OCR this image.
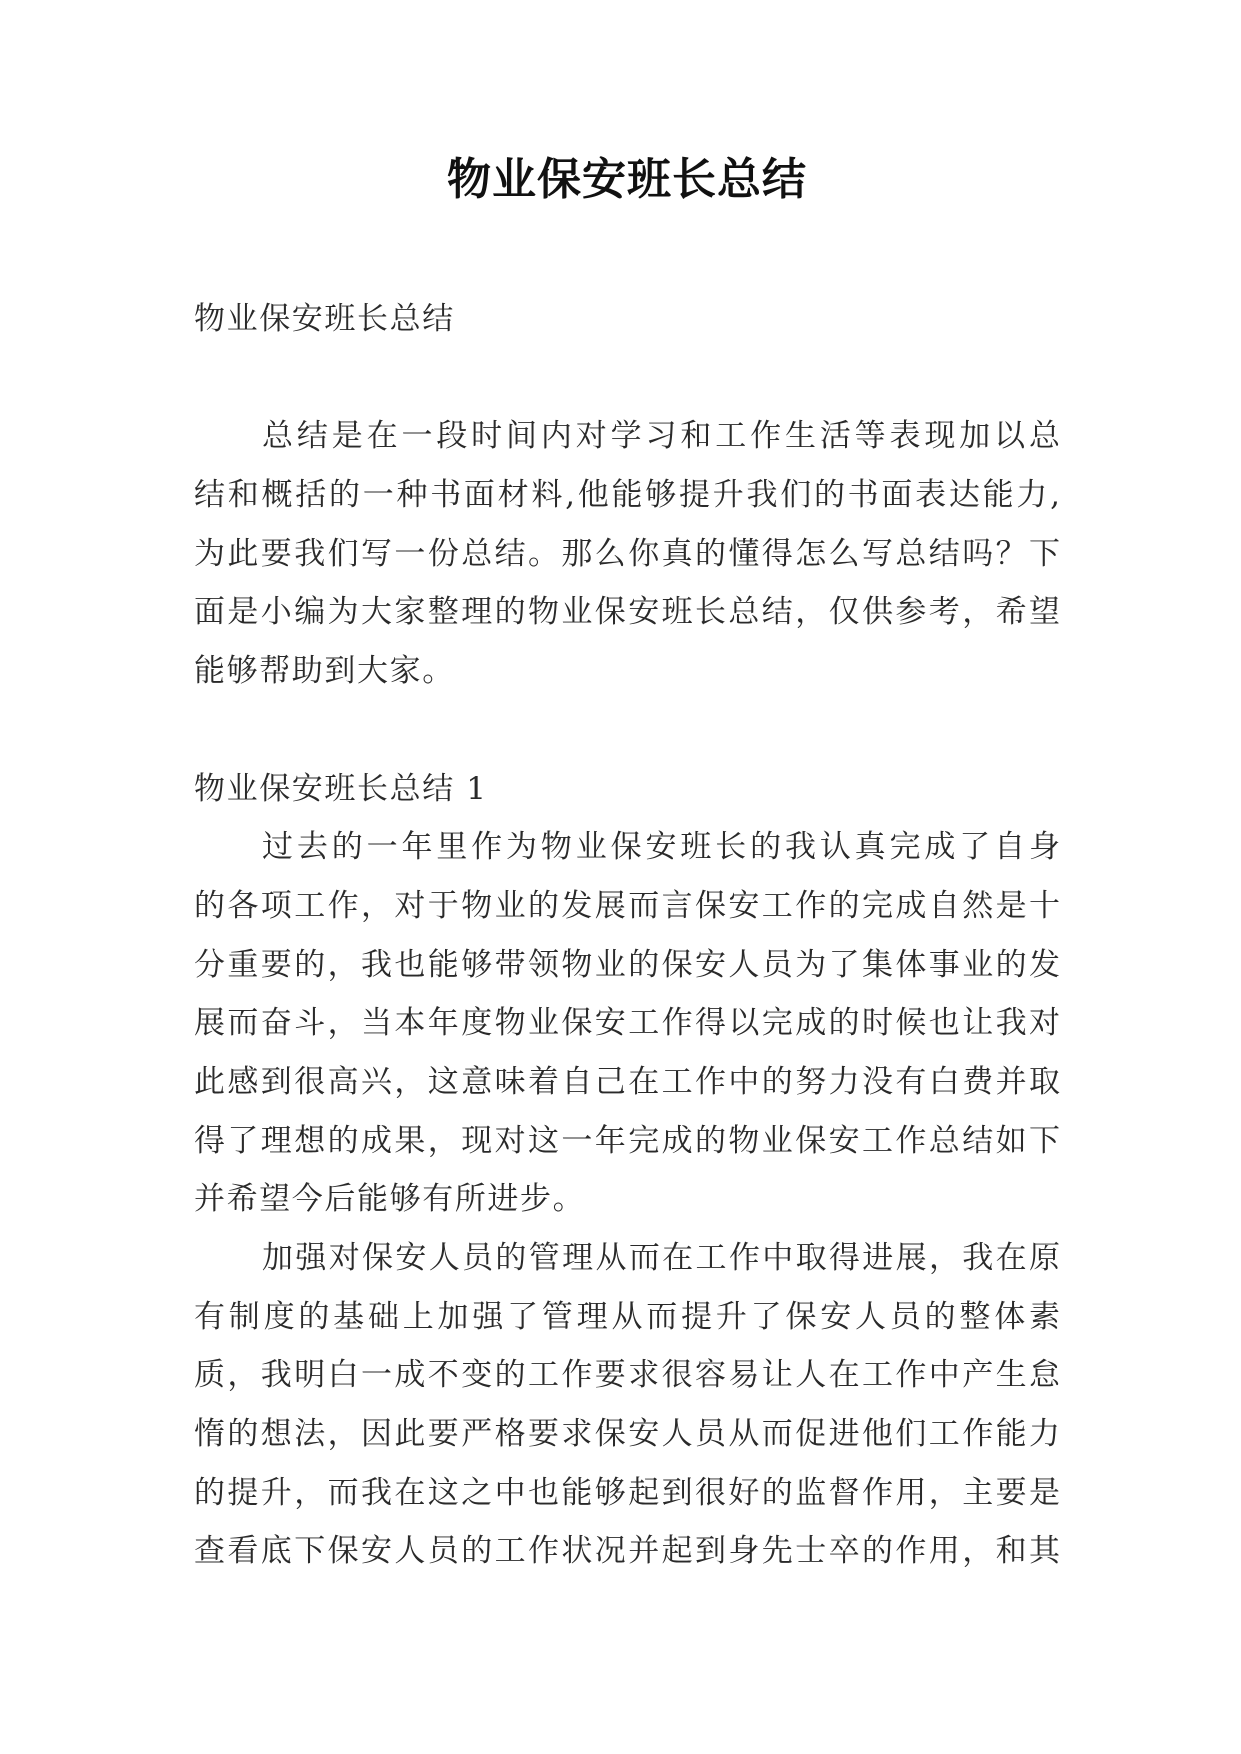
物业保安班长总结
物业保安班长总结
总结是在一段时间内对学习和工作生活等表现加以总
结和概括的一种书面材料,他能够提升我们的书面表达能力,
为此要我们写一份总结。那么你真的懂得怎么写总结吗？下
面是小编为大家整理的物业保安班长总结，仅供参考，希望
能够帮助到大家。
物业保安班长总结 1
过去的一年里作为物业保安班长的我认真完成了自身
的各项工作，对于物业的发展而言保安工作的完成自然是十
分重要的，我也能够带领物业的保安人员为了集体事业的发
展而奋斗，当本年度物业保安工作得以完成的时候也让我对
此感到很高兴，这意味着自己在工作中的努力没有白费并取
得了理想的成果，现对这一年完成的物业保安工作总结如下
并希望今后能够有所进步。
加强对保安人员的管理从而在工作中取得进展，我在原
有制度的基础上加强了管理从而提升了保安人员的整体素
质，我明白一成不变的工作要求很容易让人在工作中产生怠
惰的想法，因此要严格要求保安人员从而促进他们工作能力
的提升，而我在这之中也能够起到很好的监督作用，主要是
查看底下保安人员的工作状况并起到身先士卒的作用，和其
